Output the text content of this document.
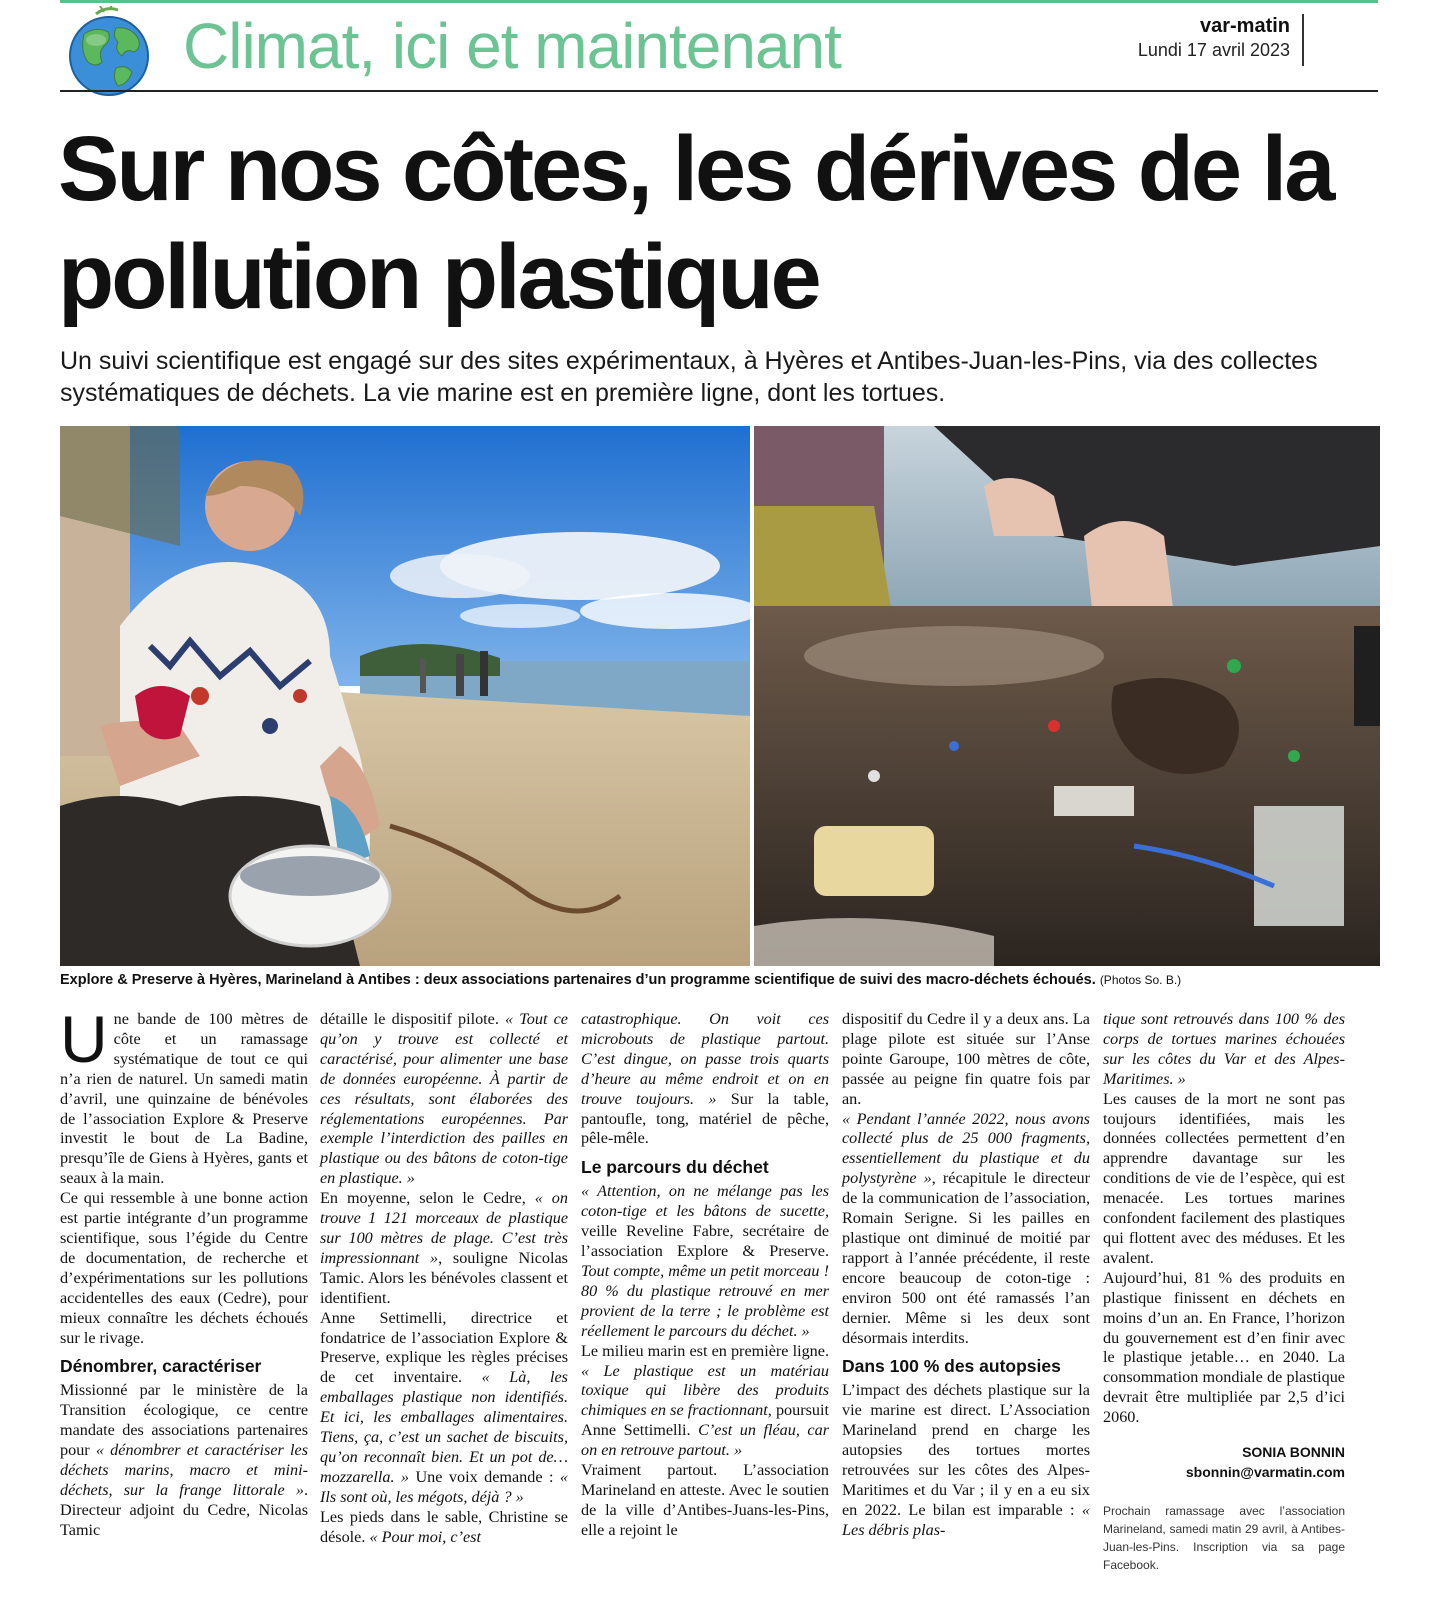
Climat, ici et maintenant	var-matin
Lundi 17 avril 2023
Sur nos côtes, les dérives de la pollution plastique

Un suivi scientifique est engagé sur des sites expérimentaux, à Hyères et Antibes-Juan-les-Pins, via des collectes systématiques de déchets. La vie marine est en première ligne, dont les tortues.

Explore & Preserve à Hyères, Marineland à Antibes : deux associations partenaires d’un programme scientifique de suivi des macro-déchets échoués. (Photos So. B.)

Une bande de 100 mètres de côte et un ramassage systématique de tout ce qui n’a rien de naturel. Un samedi matin d’avril, une quinzaine de bénévoles de l’association Explore & Preserve investit le bout de La Badine, presqu’île de Giens à Hyères, gants et seaux à la main.

Ce qui ressemble à une bonne action est partie intégrante d’un programme scientifique, sous l’égide du Centre de documentation, de recherche et d’expérimentations sur les pollutions accidentelles des eaux (Cedre), pour mieux connaître les déchets échoués sur le rivage.

Dénombrer, caractériser

Missionné par le ministère de la Transition écologique, ce centre mandate des associations partenaires pour « dénombrer et caractériser les déchets marins, macro et mini-déchets, sur la frange littorale ». Directeur adjoint du Cedre, Nicolas Tamic

détaille le dispositif pilote. « Tout ce qu’on y trouve est collecté et caractérisé, pour alimenter une base de données européenne. À partir de ces résultats, sont élaborées des réglementations européennes. Par exemple l’interdiction des pailles en plastique ou des bâtons de coton-tige en plastique. »

En moyenne, selon le Cedre, « on trouve 1 121 morceaux de plastique sur 100 mètres de plage. C’est très impressionnant », souligne Nicolas Tamic. Alors les bénévoles classent et identifient.

Anne Settimelli, directrice et fondatrice de l’association Explore & Preserve, explique les règles précises de cet inventaire. « Là, les emballages plastique non identifiés. Et ici, les emballages alimentaires. Tiens, ça, c’est un sachet de biscuits, qu’on reconnaît bien. Et un pot de… mozzarella. » Une voix demande : « Ils sont où, les mégots, déjà ? »

Les pieds dans le sable, Christine se désole. « Pour moi, c’est

catastrophique. On voit ces microbouts de plastique partout. C’est dingue, on passe trois quarts d’heure au même endroit et on en trouve toujours. » Sur la table, pantoufle, tong, matériel de pêche, pêle-mêle.

Le parcours du déchet

« Attention, on ne mélange pas les coton-tige et les bâtons de sucette, veille Reveline Fabre, secrétaire de l’association Explore & Preserve. Tout compte, même un petit morceau ! 80 % du plastique retrouvé en mer provient de la terre ; le problème est réellement le parcours du déchet. »

Le milieu marin est en première ligne. « Le plastique est un matériau toxique qui libère des produits chimiques en se fractionnant, poursuit Anne Settimelli. C’est un fléau, car on en retrouve partout. »

Vraiment partout. L’association Marineland en atteste. Avec le soutien de la ville d’Antibes-Juans-les-Pins, elle a rejoint le

dispositif du Cedre il y a deux ans. La plage pilote est située sur l’Anse pointe Garoupe, 100 mètres de côte, passée au peigne fin quatre fois par an.

« Pendant l’année 2022, nous avons collecté plus de 25 000 fragments, essentiellement du plastique et du polystyrène », récapitule le directeur de la communication de l’association, Romain Serigne. Si les pailles en plastique ont diminué de moitié par rapport à l’année précédente, il reste encore beaucoup de coton-tige : environ 500 ont été ramassés l’an dernier. Même si les deux sont désormais interdits.

Dans 100 % des autopsies

L’impact des déchets plastique sur la vie marine est direct. L’Association Marineland prend en charge les autopsies des tortues mortes retrouvées sur les côtes des Alpes-Maritimes et du Var ; il y en a eu six en 2022. Le bilan est imparable : « Les débris plas-

tique sont retrouvés dans 100 % des corps de tortues marines échouées sur les côtes du Var et des Alpes-Maritimes. »

Les causes de la mort ne sont pas toujours identifiées, mais les données collectées permettent d’en apprendre davantage sur les conditions de vie de l’espèce, qui est menacée. Les tortues marines confondent facilement des plastiques qui flottent avec des méduses. Et les avalent.

Aujourd’hui, 81 % des produits en plastique finissent en déchets en moins d’un an. En France, l’horizon du gouvernement est d’en finir avec le plastique jetable… en 2040. La consommation mondiale de plastique devrait être multipliée par 2,5 d’ici 2060.

SONIA BONNIN
sbonnin@varmatin.com
Prochain ramassage avec l’association Marineland, samedi matin 29 avril, à Antibes-Juan-les-Pins. Inscription via sa page Facebook.
